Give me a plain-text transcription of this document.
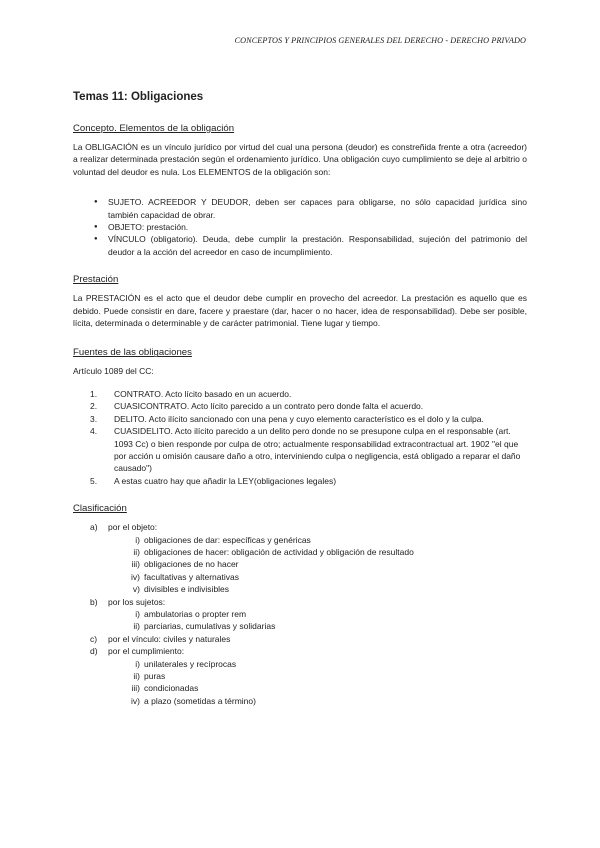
CONCEPTOS Y PRINCIPIOS GENERALES DEL DERECHO - DERECHO PRIVADO
Temas 11: Obligaciones
Concepto. Elementos de la obligación

La OBLIGACIÓN es un vínculo jurídico por virtud del cual una persona (deudor) es constreñida frente a otra (acreedor) a realizar determinada prestación según el ordenamiento jurídico. Una obligación cuyo cumplimiento se deje al arbitrio o voluntad del deudor es nula. Los ELEMENTOS de la obligación son:

● SUJETO. ACREEDOR Y DEUDOR, deben ser capaces para obligarse, no sólo capacidad jurídica sino también capacidad de obrar.
● OBJETO: prestación.
● VÍNCULO (obligatorio). Deuda, debe cumplir la prestación. Responsabilidad, sujeción del patrimonio del deudor a la acción del acreedor en caso de incumplimiento.
Prestación

La PRESTACIÓN es el acto que el deudor debe cumplir en provecho del acreedor. La prestación es aquello que es debido. Puede consistir en dare, facere y praestare (dar, hacer o no hacer, idea de responsabilidad). Debe ser posible, lícita, determinada o determinable y de carácter patrimonial. Tiene lugar y tiempo.

Fuentes de las obligaciones

Artículo 1089 del CC:

1. CONTRATO. Acto lícito basado en un acuerdo.
2. CUASICONTRATO. Acto lícito parecido a un contrato pero donde falta el acuerdo.
3. DELITO. Acto ilícito sancionado con una pena y cuyo elemento característico es el dolo y la culpa.
4. CUASIDELITO. Acto ilícito parecido a un delito pero donde no se presupone culpa en el responsable (art. 1093 Cc) o bien responde por culpa de otro; actualmente responsabilidad extracontractual art. 1902 "el que por acción u omisión causare daño a otro, interviniendo culpa o negligencia, está obligado a reparar el daño causado")
5. A estas cuatro hay que añadir la LEY(obligaciones legales)
Clasificación
a) por el objeto:
i) obligaciones de dar: específicas y genéricas
ii) obligaciones de hacer: obligación de actividad y obligación de resultado
iii) obligaciones de no hacer
iv) facultativas y alternativas
v) divisibles e indivisibles
b) por los sujetos:
i) ambulatorias o propter rem
ii) parciarias, cumulativas y solidarias
c) por el vínculo: civiles y naturales
d) por el cumplimiento:
i) unilaterales y recíprocas
ii) puras
iii) condicionadas
iv) a plazo (sometidas a término)
